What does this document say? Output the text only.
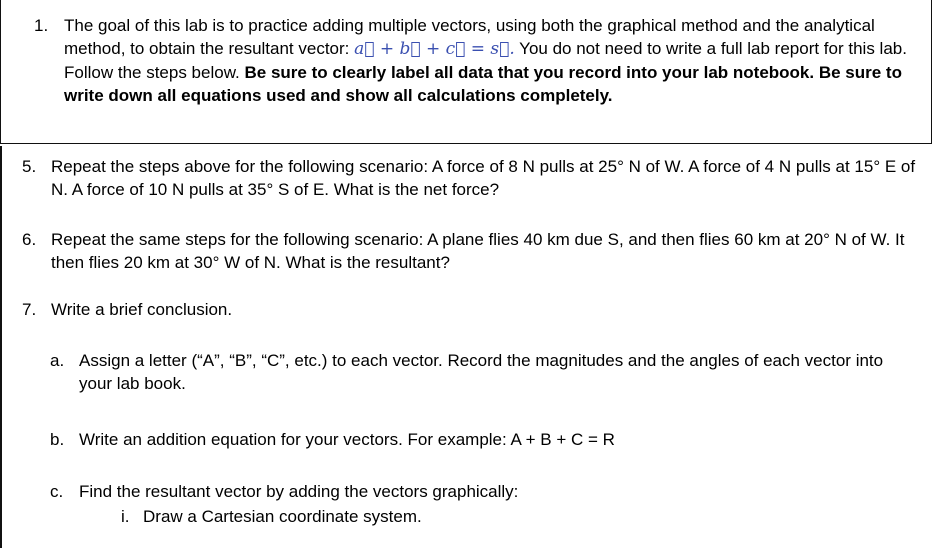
1. The goal of this lab is to practice adding multiple vectors, using both the graphical method and the analytical method, to obtain the resultant vector: a⃗ + b⃗ + c⃗ = s⃗. You do not need to write a full lab report for this lab. Follow the steps below. Be sure to clearly label all data that you record into your lab notebook. Be sure to write down all equations used and show all calculations completely.
5. Repeat the steps above for the following scenario: A force of 8 N pulls at 25° N of W. A force of 4 N pulls at 15° E of N. A force of 10 N pulls at 35° S of E. What is the net force?
6. Repeat the same steps for the following scenario: A plane flies 40 km due S, and then flies 60 km at 20° N of W. It then flies 20 km at 30° W of N. What is the resultant?
7. Write a brief conclusion.
a. Assign a letter (“A”, “B”, “C”, etc.) to each vector. Record the magnitudes and the angles of each vector into your lab book.
b. Write an addition equation for your vectors. For example: A + B + C = R
c. Find the resultant vector by adding the vectors graphically:
i. Draw a Cartesian coordinate system.
